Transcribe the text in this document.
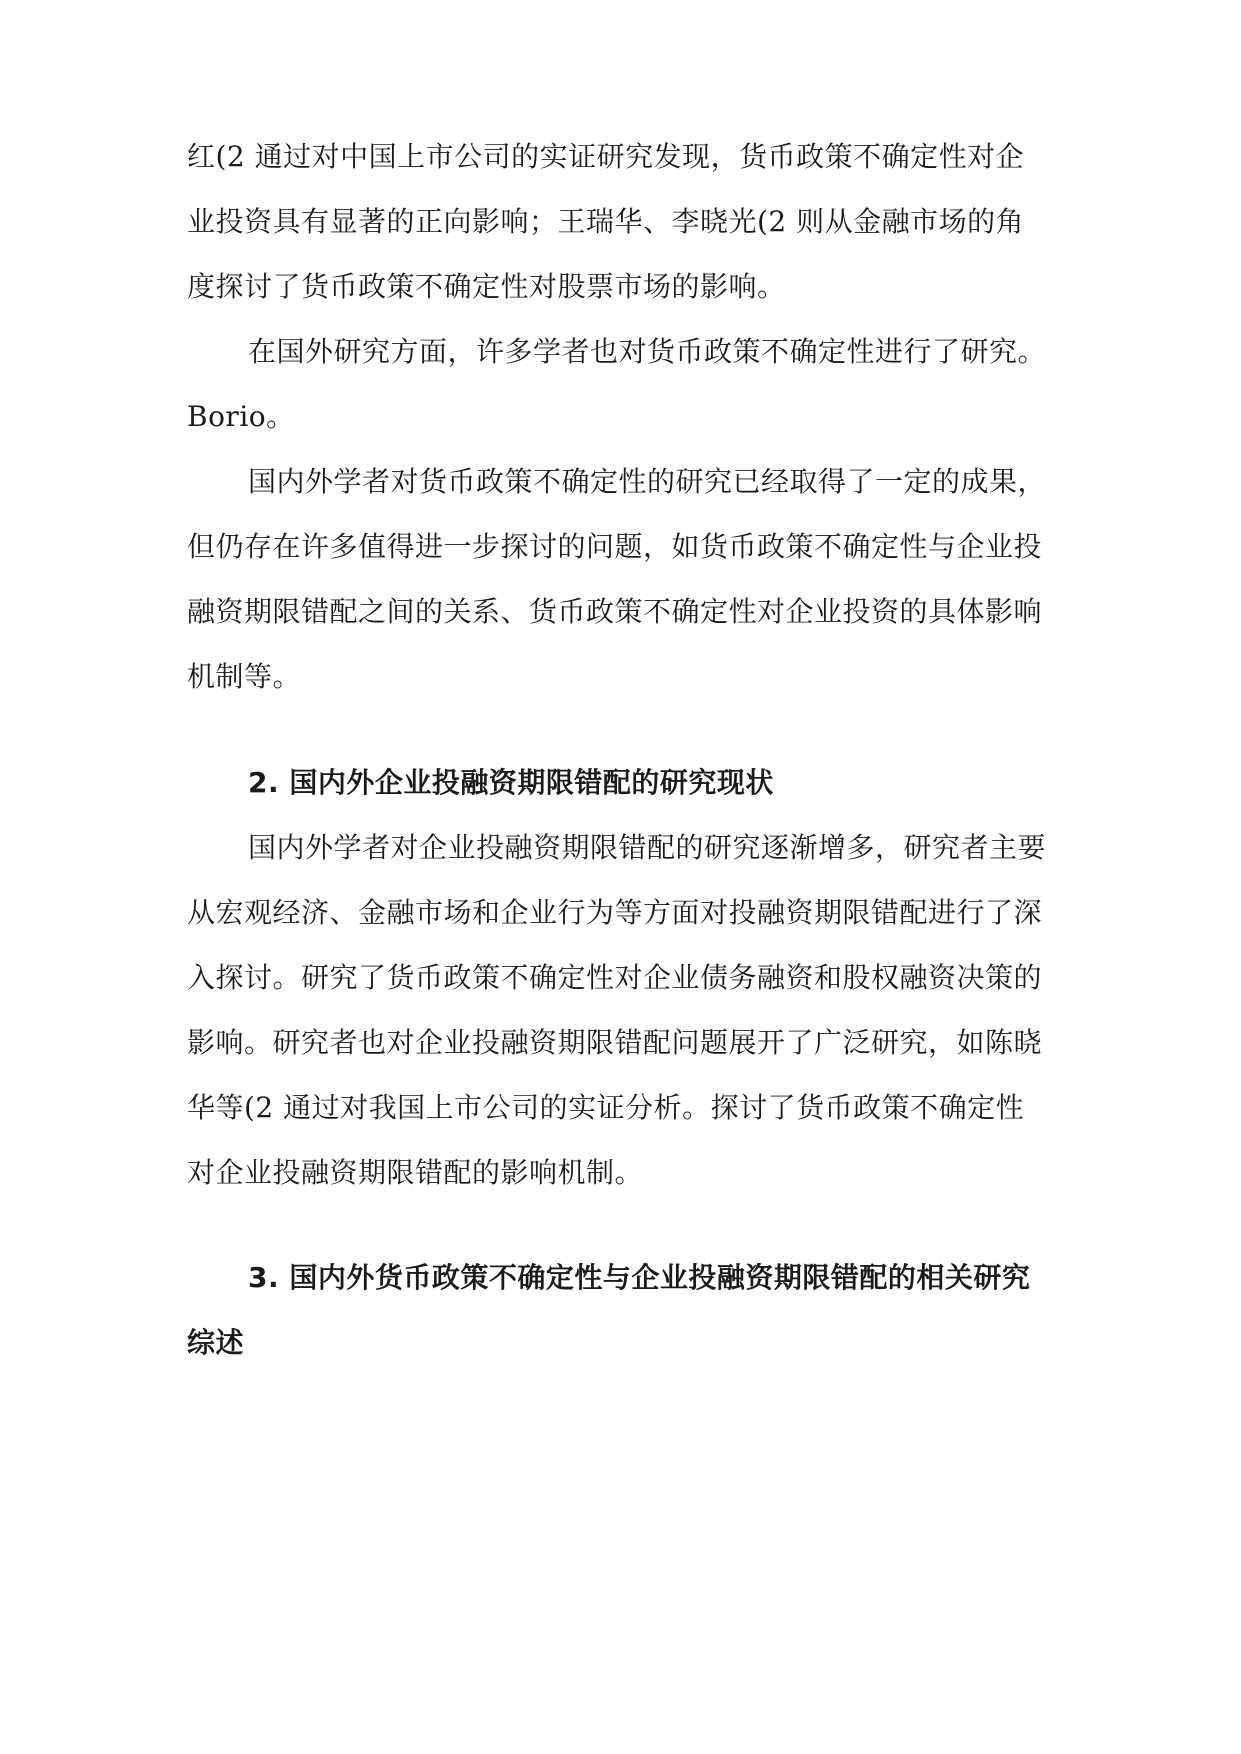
红(2 通过对中国上市公司的实证研究发现，货币政策不确定性对企
业投资具有显著的正向影响；王瑞华、李晓光(2 则从金融市场的角
度探讨了货币政策不确定性对股票市场的影响。
在国外研究方面，许多学者也对货币政策不确定性进行了研究。
Borio。
国内外学者对货币政策不确定性的研究已经取得了一定的成果，
但仍存在许多值得进一步探讨的问题，如货币政策不确定性与企业投
融资期限错配之间的关系、货币政策不确定性对企业投资的具体影响
机制等。
2. 国内外企业投融资期限错配的研究现状
国内外学者对企业投融资期限错配的研究逐渐增多，研究者主要
从宏观经济、金融市场和企业行为等方面对投融资期限错配进行了深
入探讨。研究了货币政策不确定性对企业债务融资和股权融资决策的
影响。研究者也对企业投融资期限错配问题展开了广泛研究，如陈晓
华等(2 通过对我国上市公司的实证分析。探讨了货币政策不确定性
对企业投融资期限错配的影响机制。
3. 国内外货币政策不确定性与企业投融资期限错配的相关研究
综述
